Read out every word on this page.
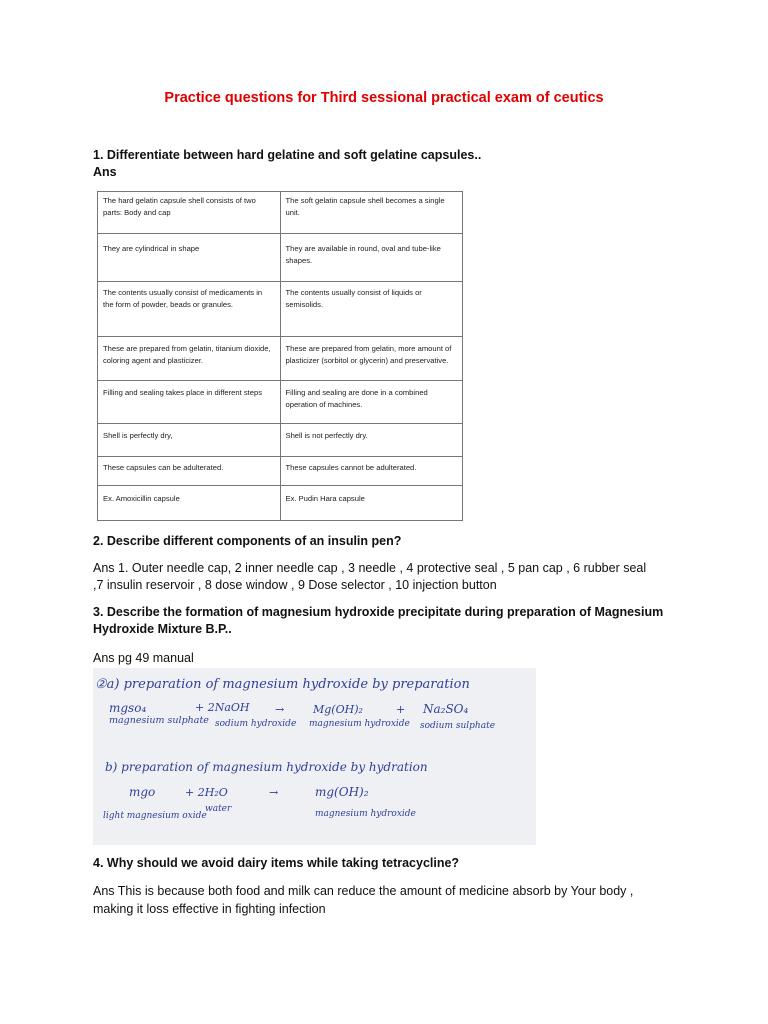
Practice questions for Third sessional practical exam of ceutics
1. Differentiate between hard gelatine and soft gelatine capsules..
Ans
The hard gelatin capsule shell consists of two parts: Body and cap	The soft gelatin capsule shell becomes a single unit.
They are cylindrical in shape	They are available in round, oval and tube-like shapes.
The contents usually consist of medicaments in the form of powder, beads or granules.	The contents usually consist of liquids or semisolids.
These are prepared from gelatin, titanium dioxide, coloring agent and plasticizer.	These are prepared from gelatin, more amount of plasticizer (sorbitol or glycerin) and preservative.
Filling and sealing takes place in different steps	Filling and sealing are done in a combined operation of machines.
Shell is perfectly dry,	Shell is not perfectly dry.
These capsules can be adulterated.	These capsules cannot be adulterated.
Ex. Amoxicillin capsule	Ex. Pudin Hara capsule
2. Describe different components of an insulin pen?
Ans 1. Outer needle cap, 2 inner needle cap , 3 needle , 4 protective seal , 5 pan cap , 6 rubber seal
,7 insulin reservoir , 8 dose window , 9 Dose selector , 10 injection button
3. Describe the formation of magnesium hydroxide precipitate during preparation of Magnesium
Hydroxide Mixture B.P..
Ans pg 49 manual
②a) preparation of magnesium hydroxide by preparation
mgso₄	+ 2NaOH →	Mg(OH)₂	+ Na₂SO₄
magnesium sulphate sodium hydroxide magnesium hydroxide sodium sulphate
b) preparation of magnesium hydroxide by hydration
mgo	+ 2H₂O	→	mg(OH)₂
light magnesium oxide
water	magnesium hydroxide
4. Why should we avoid dairy items while taking tetracycline?
Ans This is because both food and milk can reduce the amount of medicine absorb by Your body ,
making it loss effective in fighting infection
